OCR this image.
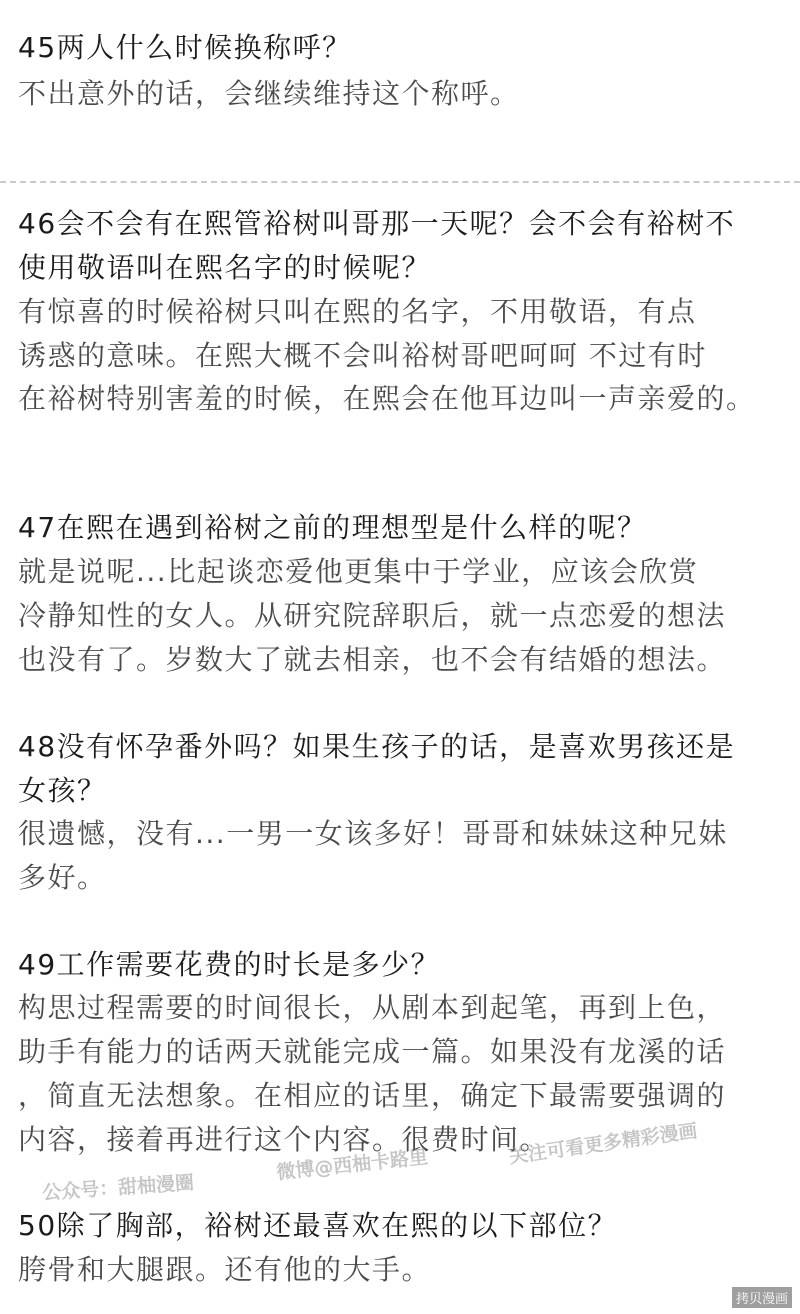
45两人什么时候换称呼？
不出意外的话，会继续维持这个称呼。
46会不会有在熙管裕树叫哥那一天呢？会不会有裕树不
使用敬语叫在熙名字的时候呢？
有惊喜的时候裕树只叫在熙的名字，不用敬语，有点
诱惑的意味。在熙大概不会叫裕树哥吧呵呵 不过有时
在裕树特别害羞的时候，在熙会在他耳边叫一声亲爱的。
47在熙在遇到裕树之前的理想型是什么样的呢？
就是说呢...比起谈恋爱他更集中于学业，应该会欣赏
冷静知性的女人。从研究院辞职后，就一点恋爱的想法
也没有了。岁数大了就去相亲，也不会有结婚的想法。
48没有怀孕番外吗？如果生孩子的话，是喜欢男孩还是
女孩？
很遗憾，没有...一男一女该多好！哥哥和妹妹这种兄妹
多好。
49工作需要花费的时长是多少？
构思过程需要的时间很长，从剧本到起笔，再到上色，
助手有能力的话两天就能完成一篇。如果没有龙溪的话
，简直无法想象。在相应的话里，确定下最需要强调的
内容，接着再进行这个内容。很费时间。
50除了胸部，裕树还最喜欢在熙的以下部位？
胯骨和大腿跟。还有他的大手。
公众号：甜柚漫圈
微博@西柚卡路里	关注可看更多精彩漫画
拷贝漫画
